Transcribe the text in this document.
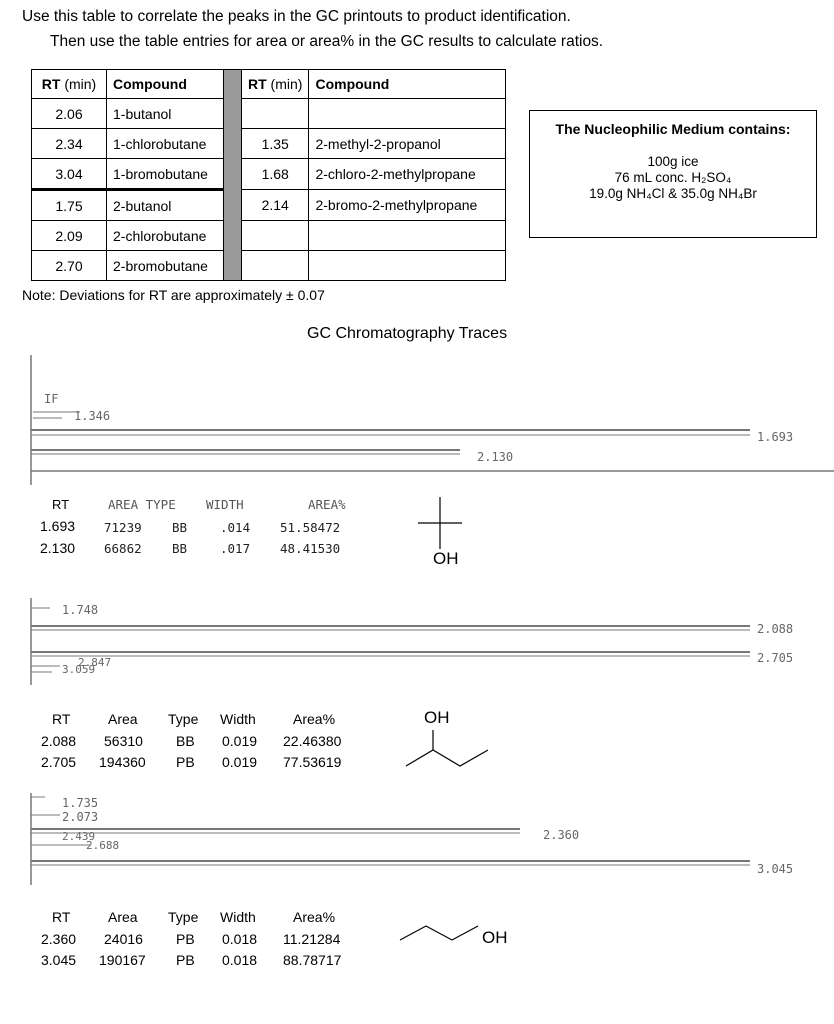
Use this table to correlate the peaks in the GC printouts to product identification.
Then use the table entries for area or area% in the GC results to calculate ratios.
RT (min)	Compound		RT (min)	Compound
2.06	1-butanol			
2.34	1-chlorobutane		1.35	2-methyl-2-propanol
3.04	1-bromobutane		1.68	2-chloro-2-methylpropane
1.75	2-butanol		2.14	2-bromo-2-methylpropane
2.09	2-chlorobutane			
2.70	2-bromobutane			
Note: Deviations for RT are approximately ± 0.07
The Nucleophilic Medium contains:
100g ice
76 mL conc. H₂SO₄
19.0g NH₄Cl & 35.0g NH₄Br
GC Chromatography Traces
IF
1.346
1.693
2.130
RT	AREA TYPE WIDTH	AREA%
1.693 71239 BB	.014 51.58472
2.130 66862 BB	.017 48.41530
OH
1.748
2.088
2.705
3.059
2.847
RT	Area Type Width	Area%
2.088 56310 BB 0.019 22.46380
2.705 194360 PB 0.019 77.53619
OH
1.735
2.073
2.439
2.688
2.360
3.045
RT	Area Type Width	Area%
2.360 24016 PB 0.018 11.21284
3.045 190167 PB 0.018 88.78717
OH
